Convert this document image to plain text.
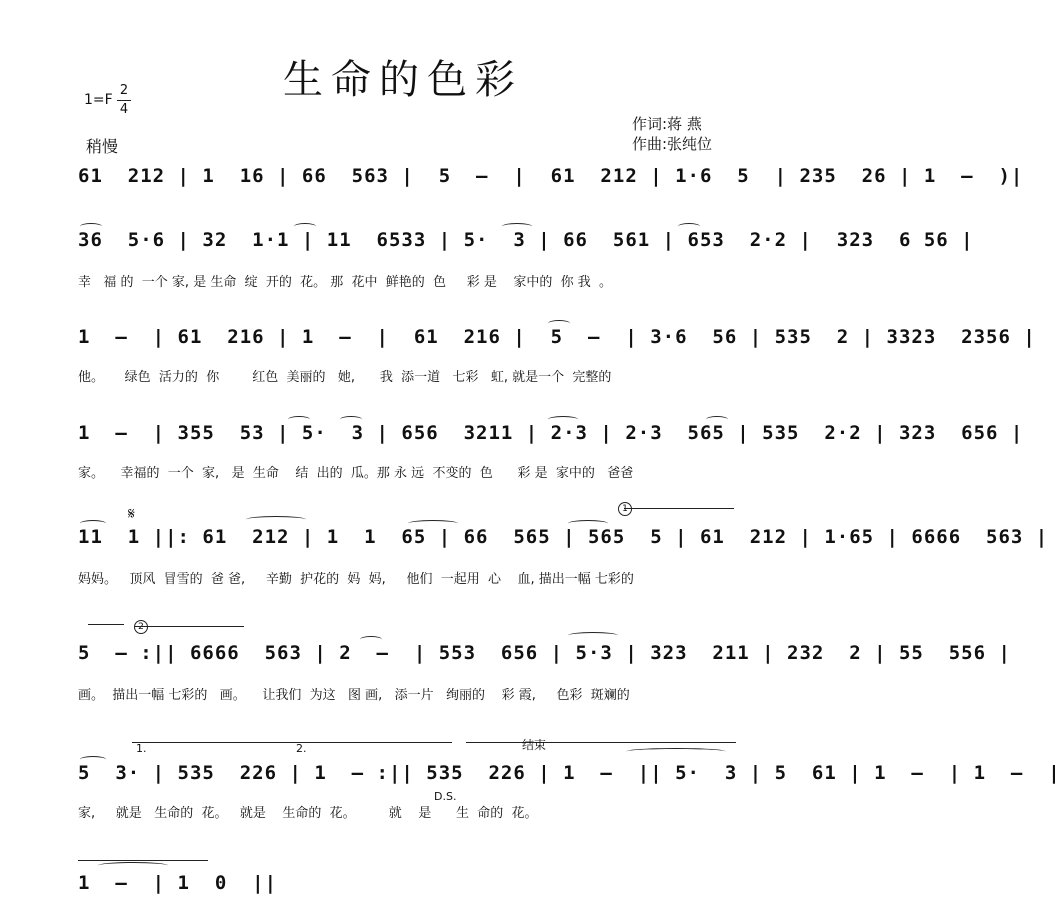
生命的色彩
1=F
2
4
稍慢
作词:蒋 燕
作曲:张纯位
61  212 | 1  16 | 66  563 |  5  –  |  61  212 | 1·6  5  | 235  26 | 1  –  )|
36  5·6 | 32  1·1 | 11  6533 | 5·  3 | 66  561 | 653  2·2 |  323  6 56 |
幸   福 的  一个 家, 是 生命  绽  开的  花。 那  花中  鲜艳的  色     彩 是    家中的  你 我  。
1  –  | 61  216 | 1  –  |  61  216 |  5  –  | 3·6  56 | 535  2 | 3323  2356 |
他。     绿色  活力的  你        红色  美丽的   她,      我  添一道   七彩   虹, 就是一个  完整的
1  –  | 355  53 | 5·  3 | 656  3211 | 2·3 | 2·3  565 | 535  2·2 | 323  656 |
家。    幸福的  一个  家,   是  生命    结  出的  瓜。那 永 远  不变的  色      彩 是  家中的   爸爸
𝄋	1
11  1 ||: 61  212 | 1  1  65 | 66  565 | 565  5 | 61  212 | 1·65 | 6666  563 |
妈妈。   顶风  冒雪的  爸 爸,     辛勤  护花的  妈  妈,     他们  一起用  心    血, 描出一幅 七彩的
2
5  – :|| 6666  563 | 2  –  | 553  656 | 5·3 | 323  211 | 232  2 | 55  556 |
画。  描出一幅 七彩的   画。    让我们  为这   图 画,   添一片   绚丽的    彩 霞,     色彩  斑斓的
1.	2.	结束
5  3· | 535  226 | 1  – :|| 535  226 | 1  –  || 5·  3 | 5  61 | 1  –  | 1  –  |
D.S.
家,     就是   生命的  花。   就是    生命的  花。        就    是      生  命的  花。
1  –  | 1  0  ||
